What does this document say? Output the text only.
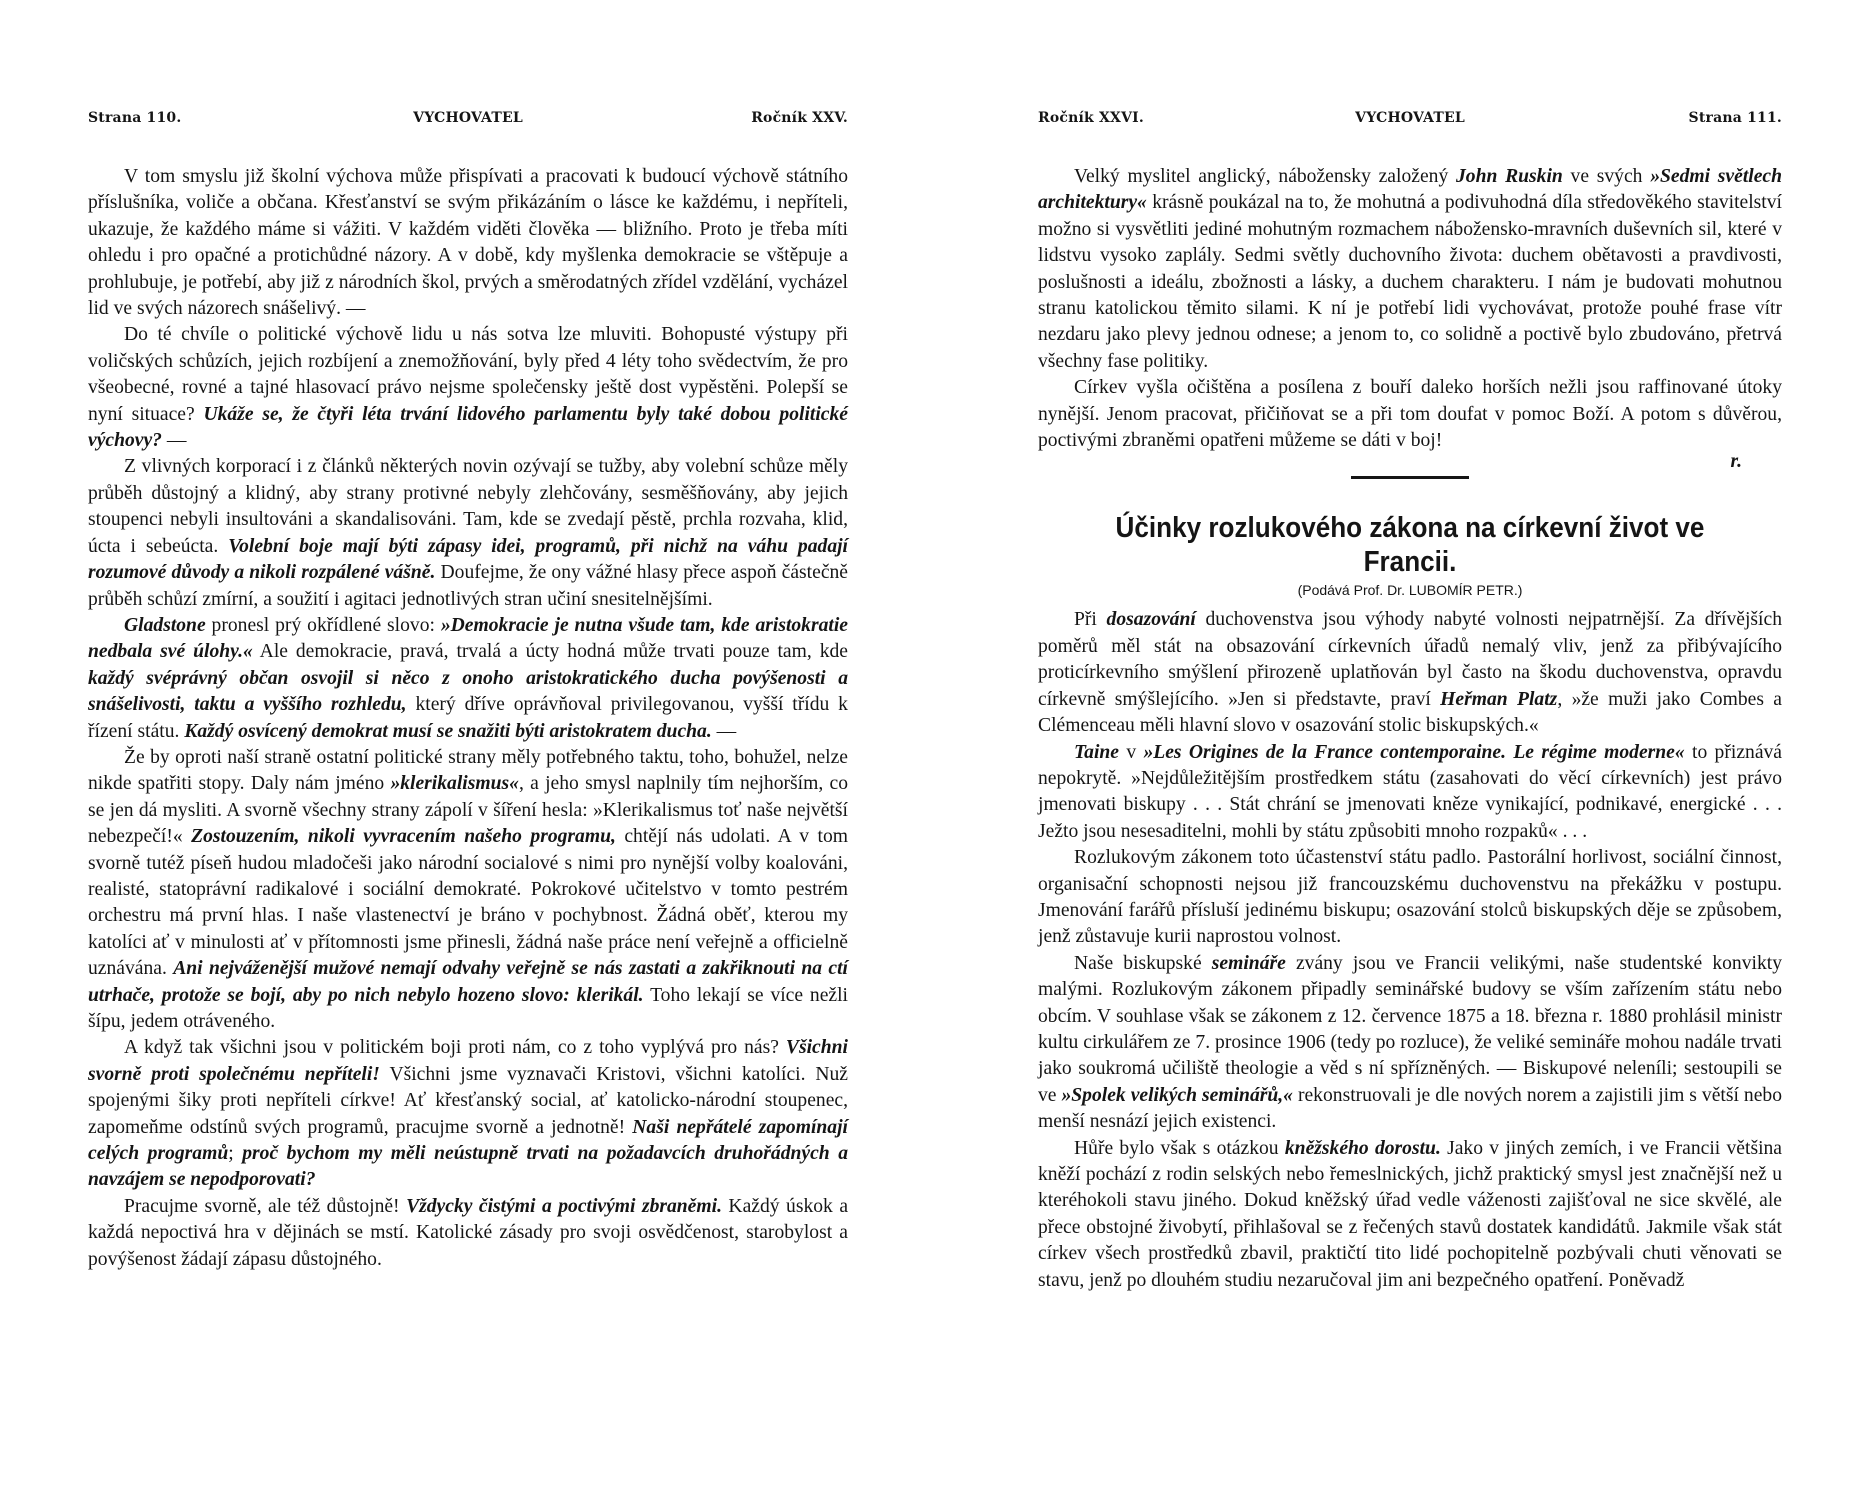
Strana 110.	VYCHOVATEL	Ročník XXV.

V tom smyslu již školní výchova může přispívati a pracovati k budoucí výchově státního příslušníka, voliče a občana. Křesťanství se svým přikázáním o lásce ke každému, i nepříteli, ukazuje, že každého máme si vážiti. V každém viděti člověka — bližního. Proto je třeba míti ohledu i pro opačné a protichůdné názory. A v době, kdy myšlenka demokracie se vštěpuje a prohlubuje, je potřebí, aby již z národních škol, prvých a směrodatných zřídel vzdělání, vycházel lid ve svých názorech snášelivý. —

Do té chvíle o politické výchově lidu u nás sotva lze mluviti. Bohopusté výstupy při voličských schůzích, jejich rozbíjení a znemožňování, byly před 4 léty toho svědectvím, že pro všeobecné, rovné a tajné hlasovací právo nejsme společensky ještě dost vypěstěni. Polepší se nyní situace? Ukáže se, že čtyři léta trvání lidového parlamentu byly také dobou politické výchovy? —

Z vlivných korporací i z článků některých novin ozývají se tužby, aby volební schůze měly průběh důstojný a klidný, aby strany protivné nebyly zlehčovány, sesměšňovány, aby jejich stoupenci nebyli insultováni a skandalisováni. Tam, kde se zvedají pěstě, prchla rozvaha, klid, úcta i sebeúcta. Volební boje mají býti zápasy idei, programů, při nichž na váhu padají rozumové důvody a nikoli rozpálené vášně. Doufejme, že ony vážné hlasy přece aspoň částečně průběh schůzí zmírní, a soužití i agitaci jednotlivých stran učiní snesitelnějšími.

Gladstone pronesl prý okřídlené slovo: »Demokracie je nutna všude tam, kde aristokratie nedbala své úlohy.« Ale demokracie, pravá, trvalá a úcty hodná může trvati pouze tam, kde každý svéprávný občan osvojil si něco z onoho aristokratického ducha povýšenosti a snášelivosti, taktu a vyššího rozhledu, který dříve oprávňoval privilegovanou, vyšší třídu k řízení státu. Každý osvícený demokrat musí se snažiti býti aristokratem ducha. —

Že by oproti naší straně ostatní politické strany měly potřebného taktu, toho, bohužel, nelze nikde spatřiti stopy. Daly nám jméno »klerikalismus«, a jeho smysl naplnily tím nejhorším, co se jen dá mysliti. A svorně všechny strany zápolí v šíření hesla: »Klerikalismus toť naše největší nebezpečí!« Zostouzením, nikoli vyvracením našeho programu, chtějí nás udolati. A v tom svorně tutéž píseň hudou mladočeši jako národní socialové s nimi pro nynější volby koalováni, realisté, statoprávní radikalové i sociální demokraté. Pokrokové učitelstvo v tomto pestrém orchestru má první hlas. I naše vlastenectví je bráno v pochybnost. Žádná oběť, kterou my katolíci ať v minulosti ať v přítomnosti jsme přinesli, žádná naše práce není veřejně a officielně uznávána. Ani nejváženější mužové nemají odvahy veřejně se nás zastati a zakřiknouti na ctí utrhače, protože se bojí, aby po nich nebylo hozeno slovo: klerikál. Toho lekají se více nežli šípu, jedem otráveného.

A když tak všichni jsou v politickém boji proti nám, co z toho vyplývá pro nás? Všichni svorně proti společnému nepříteli! Všichni jsme vyznavači Kristovi, všichni katolíci. Nuž spojenými šiky proti nepříteli církve! Ať křesťanský social, ať katolicko-národní stoupenec, zapomeňme odstínů svých programů, pracujme svorně a jednotně! Naši nepřátelé zapomínají celých programů; proč bychom my měli neústupně trvati na požadavcích druhořádných a navzájem se nepodporovati?

Pracujme svorně, ale též důstojně! Vždycky čistými a poctivými zbraněmi. Každý úskok a každá nepoctivá hra v dějinách se mstí. Katolické zásady pro svoji osvědčenost, starobylost a povýšenost žádají zápasu důstojného.

Ročník XXVI.	VYCHOVATEL	Strana 111.

Velký myslitel anglický, nábožensky založený John Ruskin ve svých »Sedmi světlech architektury« krásně poukázal na to, že mohutná a podivuhodná díla středověkého stavitelství možno si vysvětliti jediné mohutným rozmachem nábožensko-mravních duševních sil, které v lidstvu vysoko zaplály. Sedmi světly duchovního života: duchem obětavosti a pravdivosti, poslušnosti a ideálu, zbožnosti a lásky, a duchem charakteru. I nám je budovati mohutnou stranu katolickou těmito silami. K ní je potřebí lidi vychovávat, protože pouhé frase vítr nezdaru jako plevy jednou odnese; a jenom to, co solidně a poctivě bylo zbudováno, přetrvá všechny fase politiky.

Církev vyšla očištěna a posílena z bouří daleko horších nežli jsou raffinované útoky nynější. Jenom pracovat, přičiňovat se a při tom doufat v pomoc Boží. A potom s důvěrou, poctivými zbraněmi opatřeni můžeme se dáti v boj!

r.
Účinky rozlukového zákona na církevní život ve Francii.
(Podává Prof. Dr. LUBOMÍR PETR.)

Při dosazování duchovenstva jsou výhody nabyté volnosti nejpatrnější. Za dřívějších poměrů měl stát na obsazování církevních úřadů nemalý vliv, jenž za přibývajícího proticírkevního smýšlení přirozeně uplatňován byl často na škodu duchovenstva, opravdu církevně smýšlejícího. »Jen si představte, praví Heřman Platz, »že muži jako Combes a Clémenceau měli hlavní slovo v osazování stolic biskupských.«

Taine v »Les Origines de la France contemporaine. Le régime moderne« to přiznává nepokrytě. »Nejdůležitějším prostředkem státu (zasahovati do věcí církevních) jest právo jmenovati biskupy . . . Stát chrání se jmenovati kněze vynikající, podnikavé, energické . . . Ježto jsou nesesaditelni, mohli by státu způsobiti mnoho rozpaků« . . .

Rozlukovým zákonem toto účastenství státu padlo. Pastorální horlivost, sociální činnost, organisační schopnosti nejsou již francouzskému duchovenstvu na překážku v postupu. Jmenování farářů přísluší jedinému biskupu; osazování stolců biskupských děje se způsobem, jenž zůstavuje kurii naprostou volnost.

Naše biskupské semináře zvány jsou ve Francii velikými, naše studentské konvikty malými. Rozlukovým zákonem připadly seminářské budovy se vším zařízením státu nebo obcím. V souhlase však se zákonem z 12. července 1875 a 18. března r. 1880 prohlásil ministr kultu cirkulářem ze 7. prosince 1906 (tedy po rozluce), že veliké semináře mohou nadále trvati jako soukromá učiliště theologie a věd s ní spřízněných. — Biskupové neleníli; sestoupili se ve »Spolek velikých seminářů,« rekonstruovali je dle nových norem a zajistili jim s větší nebo menší nesnází jejich existenci.

Hůře bylo však s otázkou kněžského dorostu. Jako v jiných zemích, i ve Francii většina kněží pochází z rodin selských nebo řemeslnických, jichž praktický smysl jest značnější než u kteréhokoli stavu jiného. Dokud kněžský úřad vedle váženosti zajišťoval ne sice skvělé, ale přece obstojné živobytí, přihlašoval se z řečených stavů dostatek kandidátů. Jakmile však stát církev všech prostředků zbavil, praktičtí tito lidé pochopitelně pozbývali chuti věnovati se stavu, jenž po dlouhém studiu nezaručoval jim ani bezpečného opatření. Poněvadž
